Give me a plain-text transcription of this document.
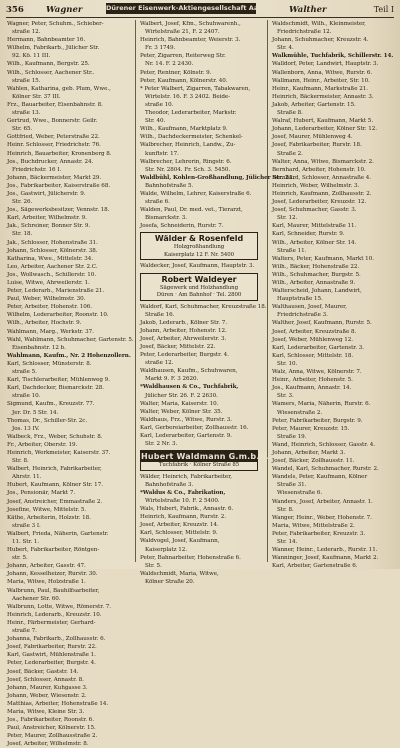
356	Wagner	Dürener Eisenwerk-Aktiengesellschaft Aachen Walther	Teil I
Wagner, Peter, Schuhm., Schieber-
straße 12.
Hermann, Bahnbeamter 16.
Wilhelm, Fabrikarb., Jülicher Str.
92. Kö. 11 III.
Wilh., Kaufmann, Bergstr. 25.
Wilh., Schlosser, Aachener Str..
straße 15.
Wahlen, Katharina, geb. Plum, Wwe.,
Kölner Str. 37 III.
Frz., Bauarbeiter, Eisenbahnstr. 8.
straße 13.
Gertrud, Wwe., Bonnerstr. Geilr.
Str. 65.
Gottfried, Weber, Peterstraße 22.
Heinr. Schlosser, Friedrichstr. 76.
Heinrich, Bauarbeiter, Kronenberg 8.
Jos., Buchdrucker, Annastr. 24.
Friedrichstr. 16 I.
Johann, Bäckermeister, Markt 29.
Jos., Fabrikarbeiter, Kaiserstraße 68.
Jos., Gastwirt, Jülicherstr. 9.
Str. 26.
Jos., Sägewerksbesitzer, Vennstr. 18.
Karl, Arbeiter, Wilhelmstr. 9.
Jak., Schreiner, Bonner Str. 9.
Str. 18.
Jak., Schlosser, Hohenstraße 31.
Johann, Schlosser, Kölnerstr. 38.
Katharina, Wwe., Mittelstr. 34.
Leo, Arbeiter, Aachener Str. 2.C.
Jos., Wollwasch., Schillerstr. 10.
Luise, Witwe, Ahrweilerstr. 1.
Peter, Lederarb., Marienstraße 21.
Paul, Weber, Wilhelmstr. 30.
Peter, Arbeiter, Hohenstr. 106.
Wilhelm, Lederarbeiter, Roonstr. 10.
Wilh., Arbeiter, Hochstr. 9.
Wahlmann, Marg., Werkstr. 37.
Wahl, Wahlmann, Schuhmacher, Gartenstr. 5.
Eisenbahnstr. 12 b.
Wahlmann, Kaufm., Nr. 2 Hohenzollern.
Karl, Schlosser, Münsterstr. 8.
straße 5.
Karl, Tischlerarbeiter, Mühlenweg 9.
Karl, Dachdecker, Bismarckstr. 28.
straße 10.
Sigmund, Kaufm., Kreuzstr. 77.
Jer. Dr. 5 Str. 14.
Thomas, Dr., Schiller-Str. 2c.
Jos. 13 IV.
Walbeck, Frz., Weber, Schuhstr. 8.
Fr., Arbeiter, Oberstr. 19.
Heinrich, Werkmeister, Kaiserstr. 37.
Str. 8.
Walbert, Heinrich, Fabrikarbeiter,
Ahrstr. 11.
Hubert, Kaufmann, Kölner Str. 17.
Jos., Pensionär, Markt 7.
Josef, Anstreicher, Emmastraße 2.
Josefine, Witwe, Mittelstr. 5.
Käthe, Arbeiterin, Holzstr. 18.
straße 3 I.
Walbert, Frieda, Näherin, Gartenstr.
11. Str. 1.
Hubert, Fabrikarbeiter, Röntgen-
str. 5.
Johann, Arbeiter, Gasstr. 47.
Johann, Kesselheizer, Rurstr. 30.
Maria, Witwe, Holzstraße 1.
Walbrunn, Paul, Bauhilfsarbeiter,
Aachener Str. 60.
Walbrunn, Lotte, Witwe, Römerstr. 7.
Heinrich, Lederarb., Kreuzstr. 10.
Heinr., Färbermeister, Gerhard-
straße 7.
Johanna, Fabrikarb., Zollhausstr. 6.
Josef, Fabrikarbeiter, Rurstr. 22.
Karl, Gastwirt, Mühlenstraße 1.
Peter, Lederarbeiter, Burgstr. 4.
Josef, Bäcker, Gaststr. 14.
Josef, Schlosser, Annastr. 8.
Johann, Maurer, Kuhgasse 3.
Johann, Weber, Wiesenstr. 2.
Matthias, Arbeiter, Hohenstraße 14.
Maria, Witwe, Kleine Str. 3.
Jos., Fabrikarbeiter, Roonstr. 6.
Paul, Anstreicher, Kölnerstr. 15.
Peter, Maurer, Zollhausstraße 2.
Josef, Arbeiter, Wilhelmstr. 8.
Walbert, Josef, Kfm., Schuhwarenh.,
Wirtelstraße 21, F. 2 2407.
Heinrich, Bahnbeamter, Weierstr. 3.
Fr. 3 1749.
Peter, Zigarren, Reiterweg Str.
Nr. 14. F. 2 2430.
Peter, Rentner, Kölnstr. 9.
Peter, Kaufmann, Kölnerstr. 40.
* Peter Walbert, Zigarren, Tabakwaren,
Wirtelstr. 16. F. 3 2402. Beide-
straße 10.
Theodor, Lederarbeiter, Markstr.
Str. 40.
Wilh., Kaufmann, Marktplatz 9.
Wilh., Dachdeckermeister, Schenkel-
Walbrecher, Heinrich, Landw., Zu-
kunftstr. 17.
Walbrecher, Lehrerin, Ringstr. 6.
Str. Nr. 2804. Fr. Sch. 3. 5450.
Waldbühl, Kohlen-Großhandlung, Jülicher Str. 21.
Bahnhofstraße 5.
Walde, Wilhelm, Lehrer, Kaiserstraße 6.
straße 6.
Walden, Paul, Dr. med. vet., Tierarzt,
Bismarckstr. 3.
Josefa, Schneiderin, Rurstr. 7.
Wälder & Rosenfeld
Holzgroßhandlung
Kaiserplatz 12 F. Nr. 5400
Waldecker, Josef, Kaufmann, Hauptstr. 3.
Robert Waldeyer
Sägewerk und Holzhandlung
Düren · Am Bahnhof · Tel. 2800
Waldorf, Karl, Schuhmacher, Kreuzstraße 18.
Straße 16.
Jakob, Lederarb., Kölner Str. 7.
Johann, Arbeiter, Hohenstr. 12.
Josef, Arbeiter, Ahrweilerstr. 3.
Josef, Bäcker, Mittelstr. 22.
Peter, Lederarbeiter, Burgstr. 4.
straße 12.
Waldhausen, Kaufm., Schuhwaren,
Markt 9. F. 3 2620.
*Waldhausen & Co., Tuchfabrik,
Jülicher Str. 26. F. 2 2630.
Walter, Maria, Kaiserstr. 10.
Walter, Weber, Kölner Str. 35.
Waldhaus, Frz., Witwe, Rurstr. 3.
Karl, Gerbereiarbeiter, Zollhausstr. 16.
Karl, Lederarbeiter, Gartenstr. 9.
Str. 2 Nr. 3.
Hubert Waldmann G.m.b.H.
Tuchfabrik · Kölner Straße 85
Wälder, Heinrich, Fabrikarbeiter,
Bahnhofstraße 3.
*Waldus & Co., Fabrikation,
Wirtelstraße 10. F. 2 5400.
Wals, Hubert, Fabrik., Annastr. 6.
Heinrich, Kaufmann, Rurstr. 2.
Josef, Arbeiter, Kreuzstr. 14.
Karl, Schlosser, Mittelstr. 9.
Waldvogel, Josef, Kaufmann,
Kaiserplatz 12.
Peter, Bahnarbeiter, Hohenstraße 6.
Str. 5.
Waldschmidt, Maria, Witwe,
Kölner Straße 20.
Waldschmidt, Wilh., Kleinmeister,
Friedrichstraße 12.
Johann, Schuhmacher, Kreuzstr. 4.
Str. 4.
Walkmühle, Tuchfabrik, Schillerstr. 14.
Walldorf, Peter, Landwirt, Hauptstr. 3.
Wallenborn, Anna, Witwe, Rurstr. 6.
Wallmann, Heinr., Arbeiter, Str. 10.
Heinr., Kaufmann, Markstraße 21.
Heinrich, Bäckermeister, Annastr. 3.
Jakob, Arbeiter, Gartenstr. 15.
Straße 8.
Walraf, Hubert, Kaufmann, Markt 5.
Johann, Lederarbeiter, Kölner Str. 12.
Josef, Maurer, Mühlenweg 4.
Josef, Fabrikarbeiter, Rurstr. 18.
Straße 2.
Walter, Anna, Witwe, Bismarckstr. 2.
Bernhard, Arbeiter, Hohenstr. 10.
Bernhard, Schlosser, Annastraße 4.
Heinrich, Weber, Wilhelmstr. 3.
Heinrich, Kaufmann, Zollhausstr. 2.
Josef, Lederarbeiter, Kreuzstr. 12.
Josef, Schuhmacher, Gasstr. 3.
Str. 12.
Karl, Maurer, Mittelstraße 11.
Karl, Schneider, Rurstr. 9.
Wilh., Arbeiter, Kölner Str. 14.
Straße 11.
Walters, Peter, Kaufmann, Markt 10.
Wilh., Bäcker, Hohenstraße 22.
Wilh., Schuhmacher, Burgstr. 5.
Wilh., Arbeiter, Annastraße 9.
Walterscheid, Johann, Landwirt,
Hauptstraße 15.
Walthausen, Josef, Maurer,
Friedrichstraße 3.
Walther, Josef, Kaufmann, Rurstr. 5.
Josef, Arbeiter, Kreuzstraße 8.
Josef, Weber, Mühlenweg 12.
Karl, Lederarbeiter, Gartenstr. 3.
Karl, Schlosser, Mittelstr. 18.
Str. 10.
Walz, Anna, Witwe, Kölnerstr. 7.
Heinr., Arbeiter, Hohenstr. 5.
Jos., Kaufmann, Annastr. 14.
Str. 3.
Wamers, Maria, Näherin, Rurstr. 6.
Wiesenstraße 2.
Peter, Fabrikarbeiter, Burgstr. 9.
Peter, Maurer, Kreuzstr. 15.
Straße 19.
Wand, Heinrich, Schlosser, Gasstr. 4.
Johann, Arbeiter, Markt 3.
Josef, Bäcker, Zollhausstr. 11.
Wandel, Karl, Schuhmacher, Rurstr. 2.
Wandels, Peter, Kaufmann, Kölner
Straße 31.
Wiesenstraße 6.
Wanders, Josef, Arbeiter, Annastr. 1.
Str. 8.
Wanger, Heinr., Weber, Hohenstr. 7.
Maria, Witwe, Mittelstraße 2.
Peter, Fabrikarbeiter, Kreuzstr. 3.
Str. 14.
Wanner, Heinr., Lederarb., Rurstr. 11.
Wanninger, Josef, Kaufmann, Markt 2.
Karl, Arbeiter, Gartenstraße 6.
